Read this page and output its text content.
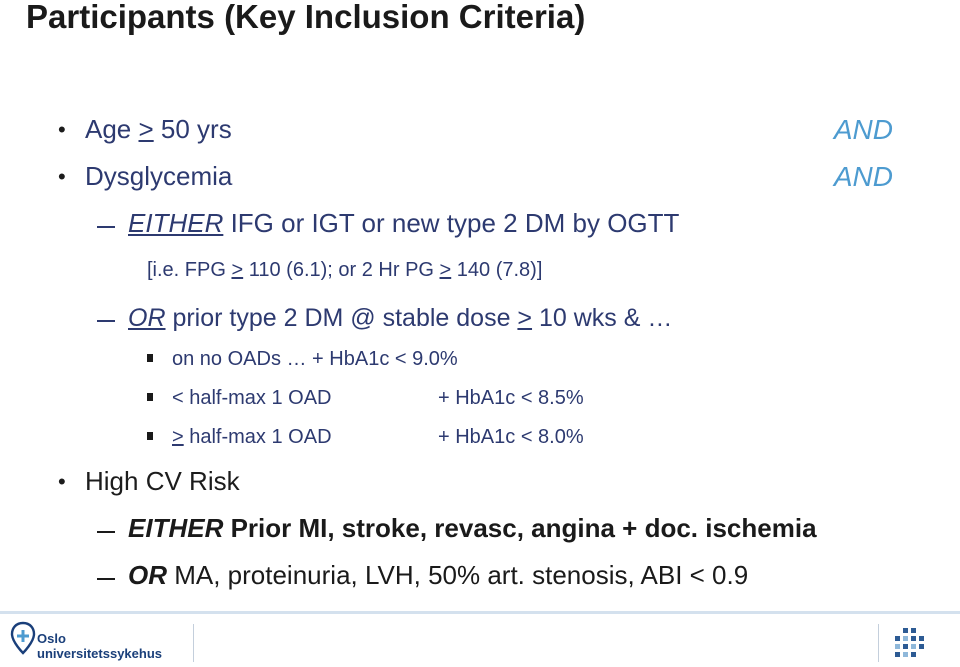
Participants (Key Inclusion Criteria)
• Age > 50 yrs	AND
• Dysglycemia	AND
EITHER IFG or IGT or new type 2 DM by OGTT
[i.e. FPG > 110 (6.1); or 2 Hr PG > 140 (7.8)]
OR prior type 2 DM @ stable dose > 10 wks & …
on no OADs … + HbA1c < 9.0%
< half-max 1 OAD	+ HbA1c < 8.5%
> half-max 1 OAD	+ HbA1c < 8.0%
• High CV Risk
EITHER Prior MI, stroke, revasc, angina + doc. ischemia
OR MA, proteinuria, LVH, 50% art. stenosis, ABI < 0.9
Oslo
universitetssykehus
